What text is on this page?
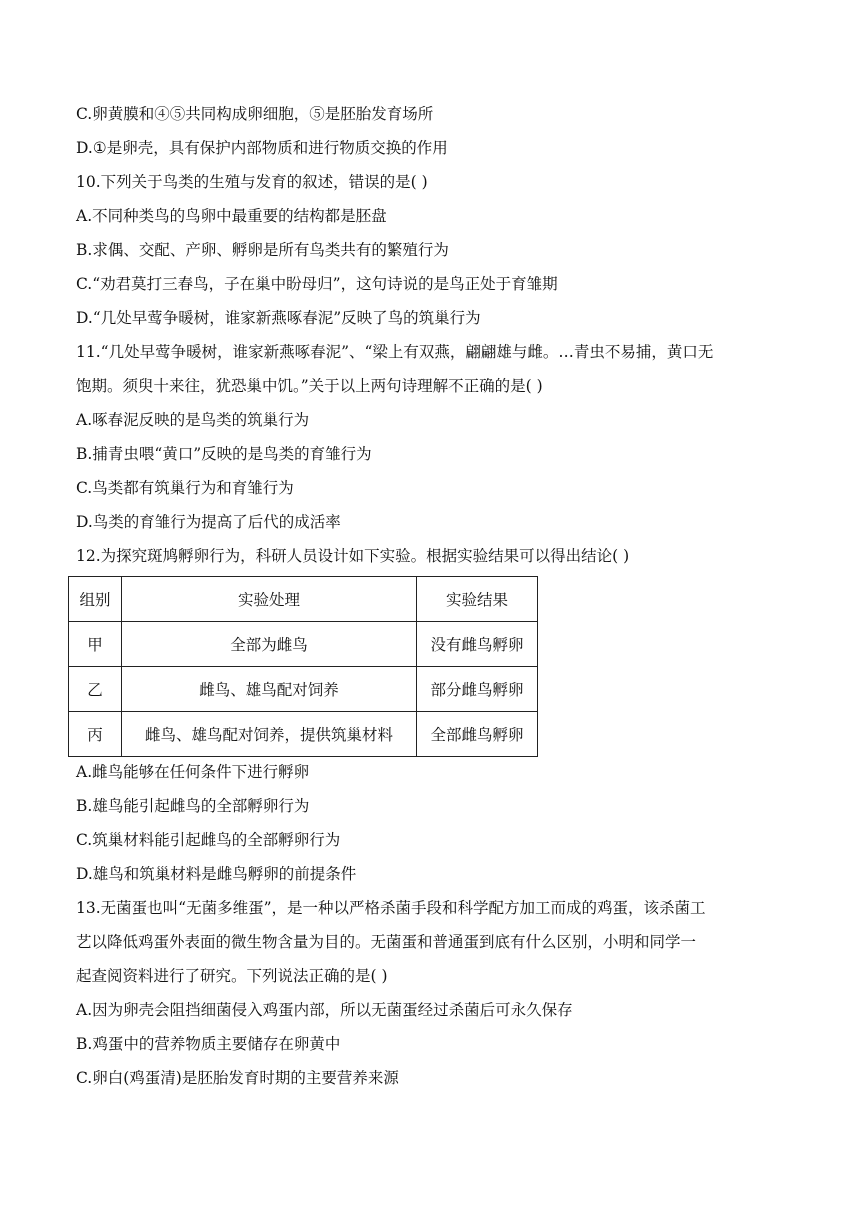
C.卵黄膜和④⑤共同构成卵细胞，⑤是胚胎发育场所
D.①是卵壳，具有保护内部物质和进行物质交换的作用
10.下列关于鸟类的生殖与发育的叙述，错误的是( )
A.不同种类鸟的鸟卵中最重要的结构都是胚盘
B.求偶、交配、产卵、孵卵是所有鸟类共有的繁殖行为
C.“劝君莫打三春鸟，子在巢中盼母归”，这句诗说的是鸟正处于育雏期
D.“几处早莺争暖树，谁家新燕啄春泥”反映了鸟的筑巢行为
11.“几处早莺争暖树，谁家新燕啄春泥”、“梁上有双燕，翩翩雄与雌。…青虫不易捕，黄口无
饱期。须臾十来往，犹恐巢中饥。”关于以上两句诗理解不正确的是( )
A.啄春泥反映的是鸟类的筑巢行为
B.捕青虫喂“黄口”反映的是鸟类的育雏行为
C.鸟类都有筑巢行为和育雏行为
D.鸟类的育雏行为提高了后代的成活率
12.为探究斑鸠孵卵行为，科研人员设计如下实验。根据实验结果可以得出结论( )
组别	实验处理	实验结果
甲	全部为雌鸟	没有雌鸟孵卵
乙	雌鸟、雄鸟配对饲养	部分雌鸟孵卵
丙	雌鸟、雄鸟配对饲养，提供筑巢材料	全部雌鸟孵卵
A.雌鸟能够在任何条件下进行孵卵
B.雄鸟能引起雌鸟的全部孵卵行为
C.筑巢材料能引起雌鸟的全部孵卵行为
D.雄鸟和筑巢材料是雌鸟孵卵的前提条件
13.无菌蛋也叫“无菌多维蛋”，是一种以严格杀菌手段和科学配方加工而成的鸡蛋，该杀菌工
艺以降低鸡蛋外表面的微生物含量为目的。无菌蛋和普通蛋到底有什么区别，小明和同学一
起查阅资料进行了研究。下列说法正确的是( )
A.因为卵壳会阻挡细菌侵入鸡蛋内部，所以无菌蛋经过杀菌后可永久保存
B.鸡蛋中的营养物质主要储存在卵黄中
C.卵白(鸡蛋清)是胚胎发育时期的主要营养来源
